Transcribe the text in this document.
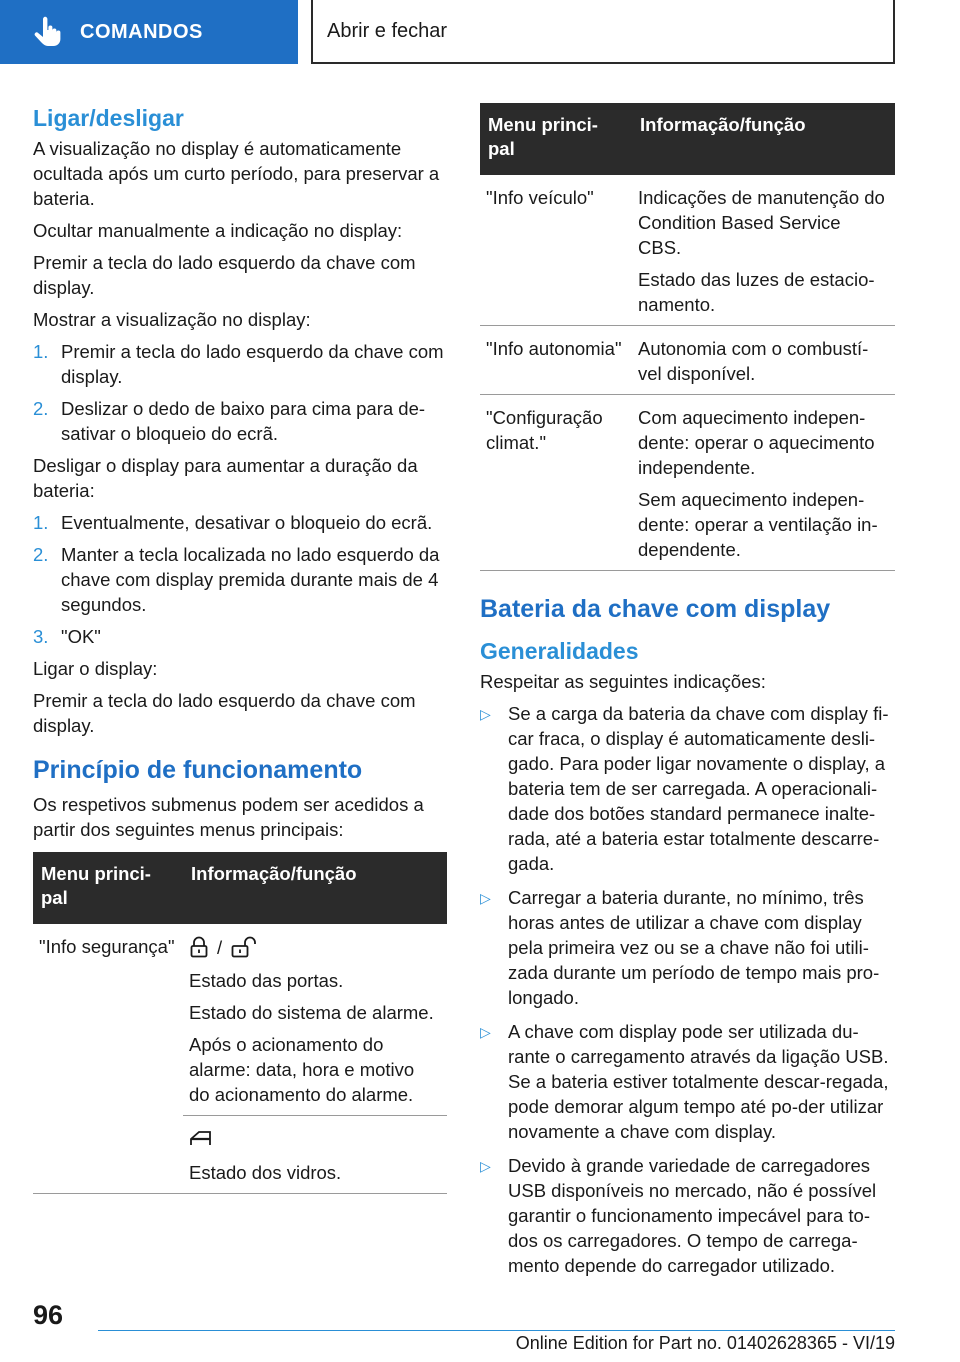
COMANDOS	Abrir e fechar
Ligar/desligar

A visualização no display é automaticamente ocultada após um curto período, para preservar a bateria.

Ocultar manualmente a indicação no display:

Premir a tecla do lado esquerdo da chave com display.

Mostrar a visualização no display:

1. Premir a tecla do lado esquerdo da chave com display.
2. Deslizar o dedo de baixo para cima para de‐sativar o bloqueio do ecrã.

Desligar o display para aumentar a duração da bateria:

1. Eventualmente, desativar o bloqueio do ecrã.
2. Manter a tecla localizada no lado esquerdo da chave com display premida durante mais de 4 segundos.
3. "OK"

Ligar o display:

Premir a tecla do lado esquerdo da chave com display.

Princípio de funcionamento

Os respetivos submenus podem ser acedidos a partir dos seguintes menus principais:

Menu princi‐pal	Informação/função
"Info segurança"	/

Estado das portas.

Estado do sistema de alarme.

Após o acionamento do alarme: data, hora e motivo do acionamento do alarme.

	Estado dos vidros.

Menu princi‐pal	Informação/função
"Info veículo"	Indicações de manutenção do Condition Based Service CBS.

Estado das luzes de estacio‐namento.

"Info autonomia"	Autonomia com o combustí‐vel disponível.

"Configuração climat."	Com aquecimento indepen‐dente: operar o aquecimento independente.

Sem aquecimento indepen‐dente: operar a ventilação in‐dependente.

Bateria da chave com display
Generalidades

Respeitar as seguintes indicações:

▷ Se a carga da bateria da chave com display fi‐car fraca, o display é automaticamente desli‐gado. Para poder ligar novamente o display, a bateria tem de ser carregada. A operacionali‐dade dos botões standard permanece inalte‐rada, até a bateria estar totalmente descarre‐gada.
▷ Carregar a bateria durante, no mínimo, três horas antes de utilizar a chave com display pela primeira vez ou se a chave não foi utili‐zada durante um período de tempo mais pro‐longado.
▷ A chave com display pode ser utilizada du‐rante o carregamento através da ligação USB. Se a bateria estiver totalmente descar‐regada, pode demorar algum tempo até po‐der utilizar novamente a chave com display.
▷ Devido à grande variedade de carregadores USB disponíveis no mercado, não é possível garantir o funcionamento impecável para to‐dos os carregadores. O tempo de carrega‐mento depende do carregador utilizado.
96
Online Edition for Part no. 01402628365 - VI/19
